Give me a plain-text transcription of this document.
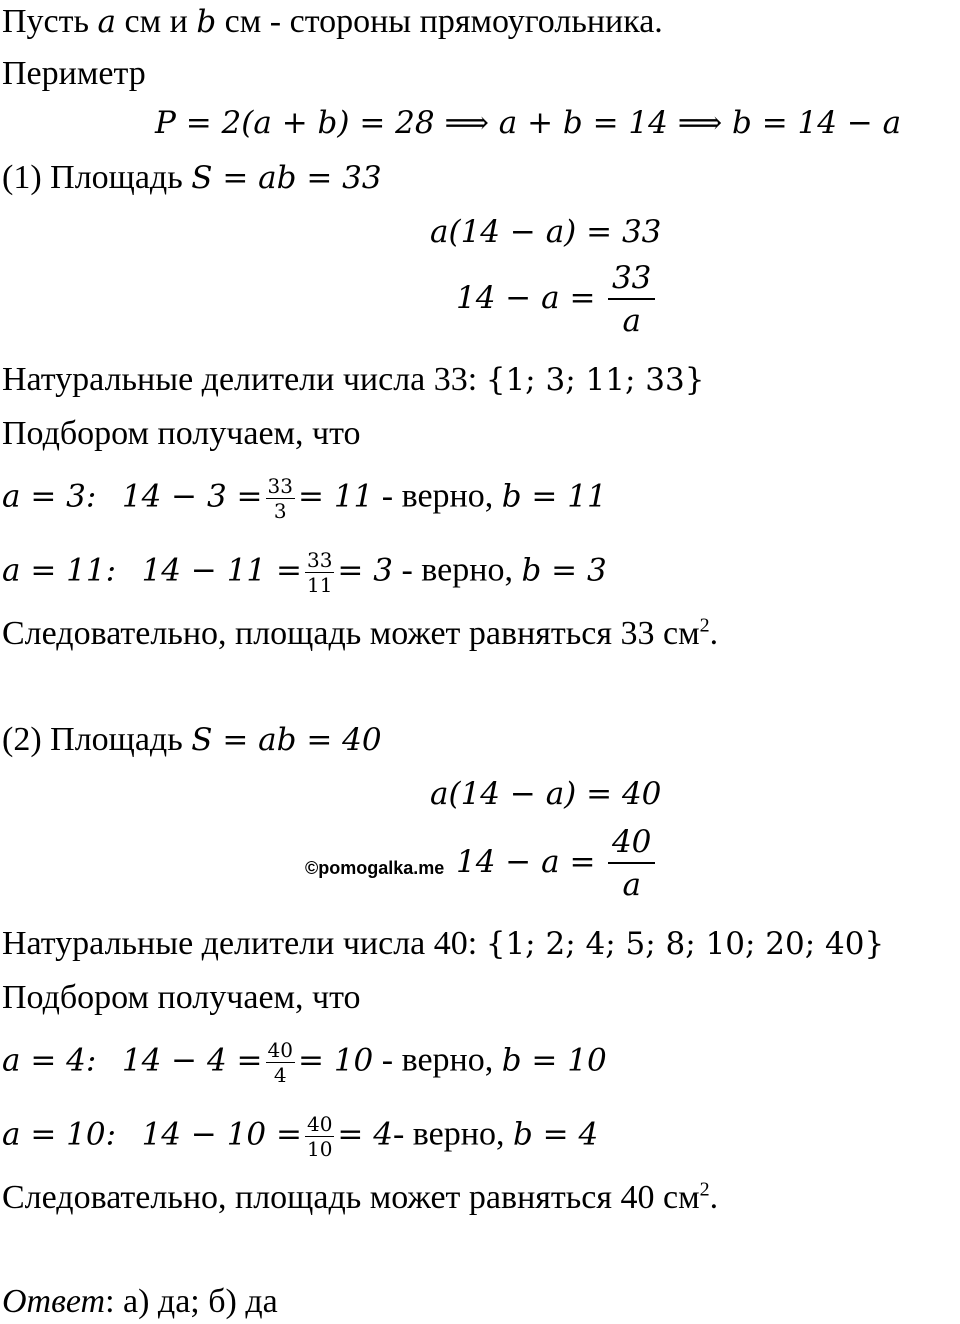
Пусть a см и b см - стороны прямоугольника.
Периметр
P = 2(a + b) = 28 ⟹ a + b = 14 ⟹ b = 14 − a
(1) Площадь S = ab = 33
a(14 − a) = 33
$14 - a = \frac{33}{a}$
Натуральные делители числа 33: {1; 3; 11; 33}
Подбором получаем, что
a = 3: $14 - 3 = \frac{33}{3} = 11$ - верно, b = 11
a = 11: $14 - 11 = \frac{33}{11} = 3$ - верно, b = 3
Следовательно, площадь может равняться 33 $см^2$.
(2) Площадь S = ab = 40
a(14 − a) = 40
©pomogalka.me $14 - a = \frac{40}{a}$
Натуральные делители числа 40: {1; 2; 4; 5; 8; 10; 20; 40}
Подбором получаем, что
a = 4: $14 - 4 = \frac{40}{4} = 10$ - верно, b = 10
a = 10: $14 - 10 = \frac{40}{10} = 4-$ верно, b = 4
Следовательно, площадь может равняться 40 $см^2$.
Ответ: а) да; б) да
